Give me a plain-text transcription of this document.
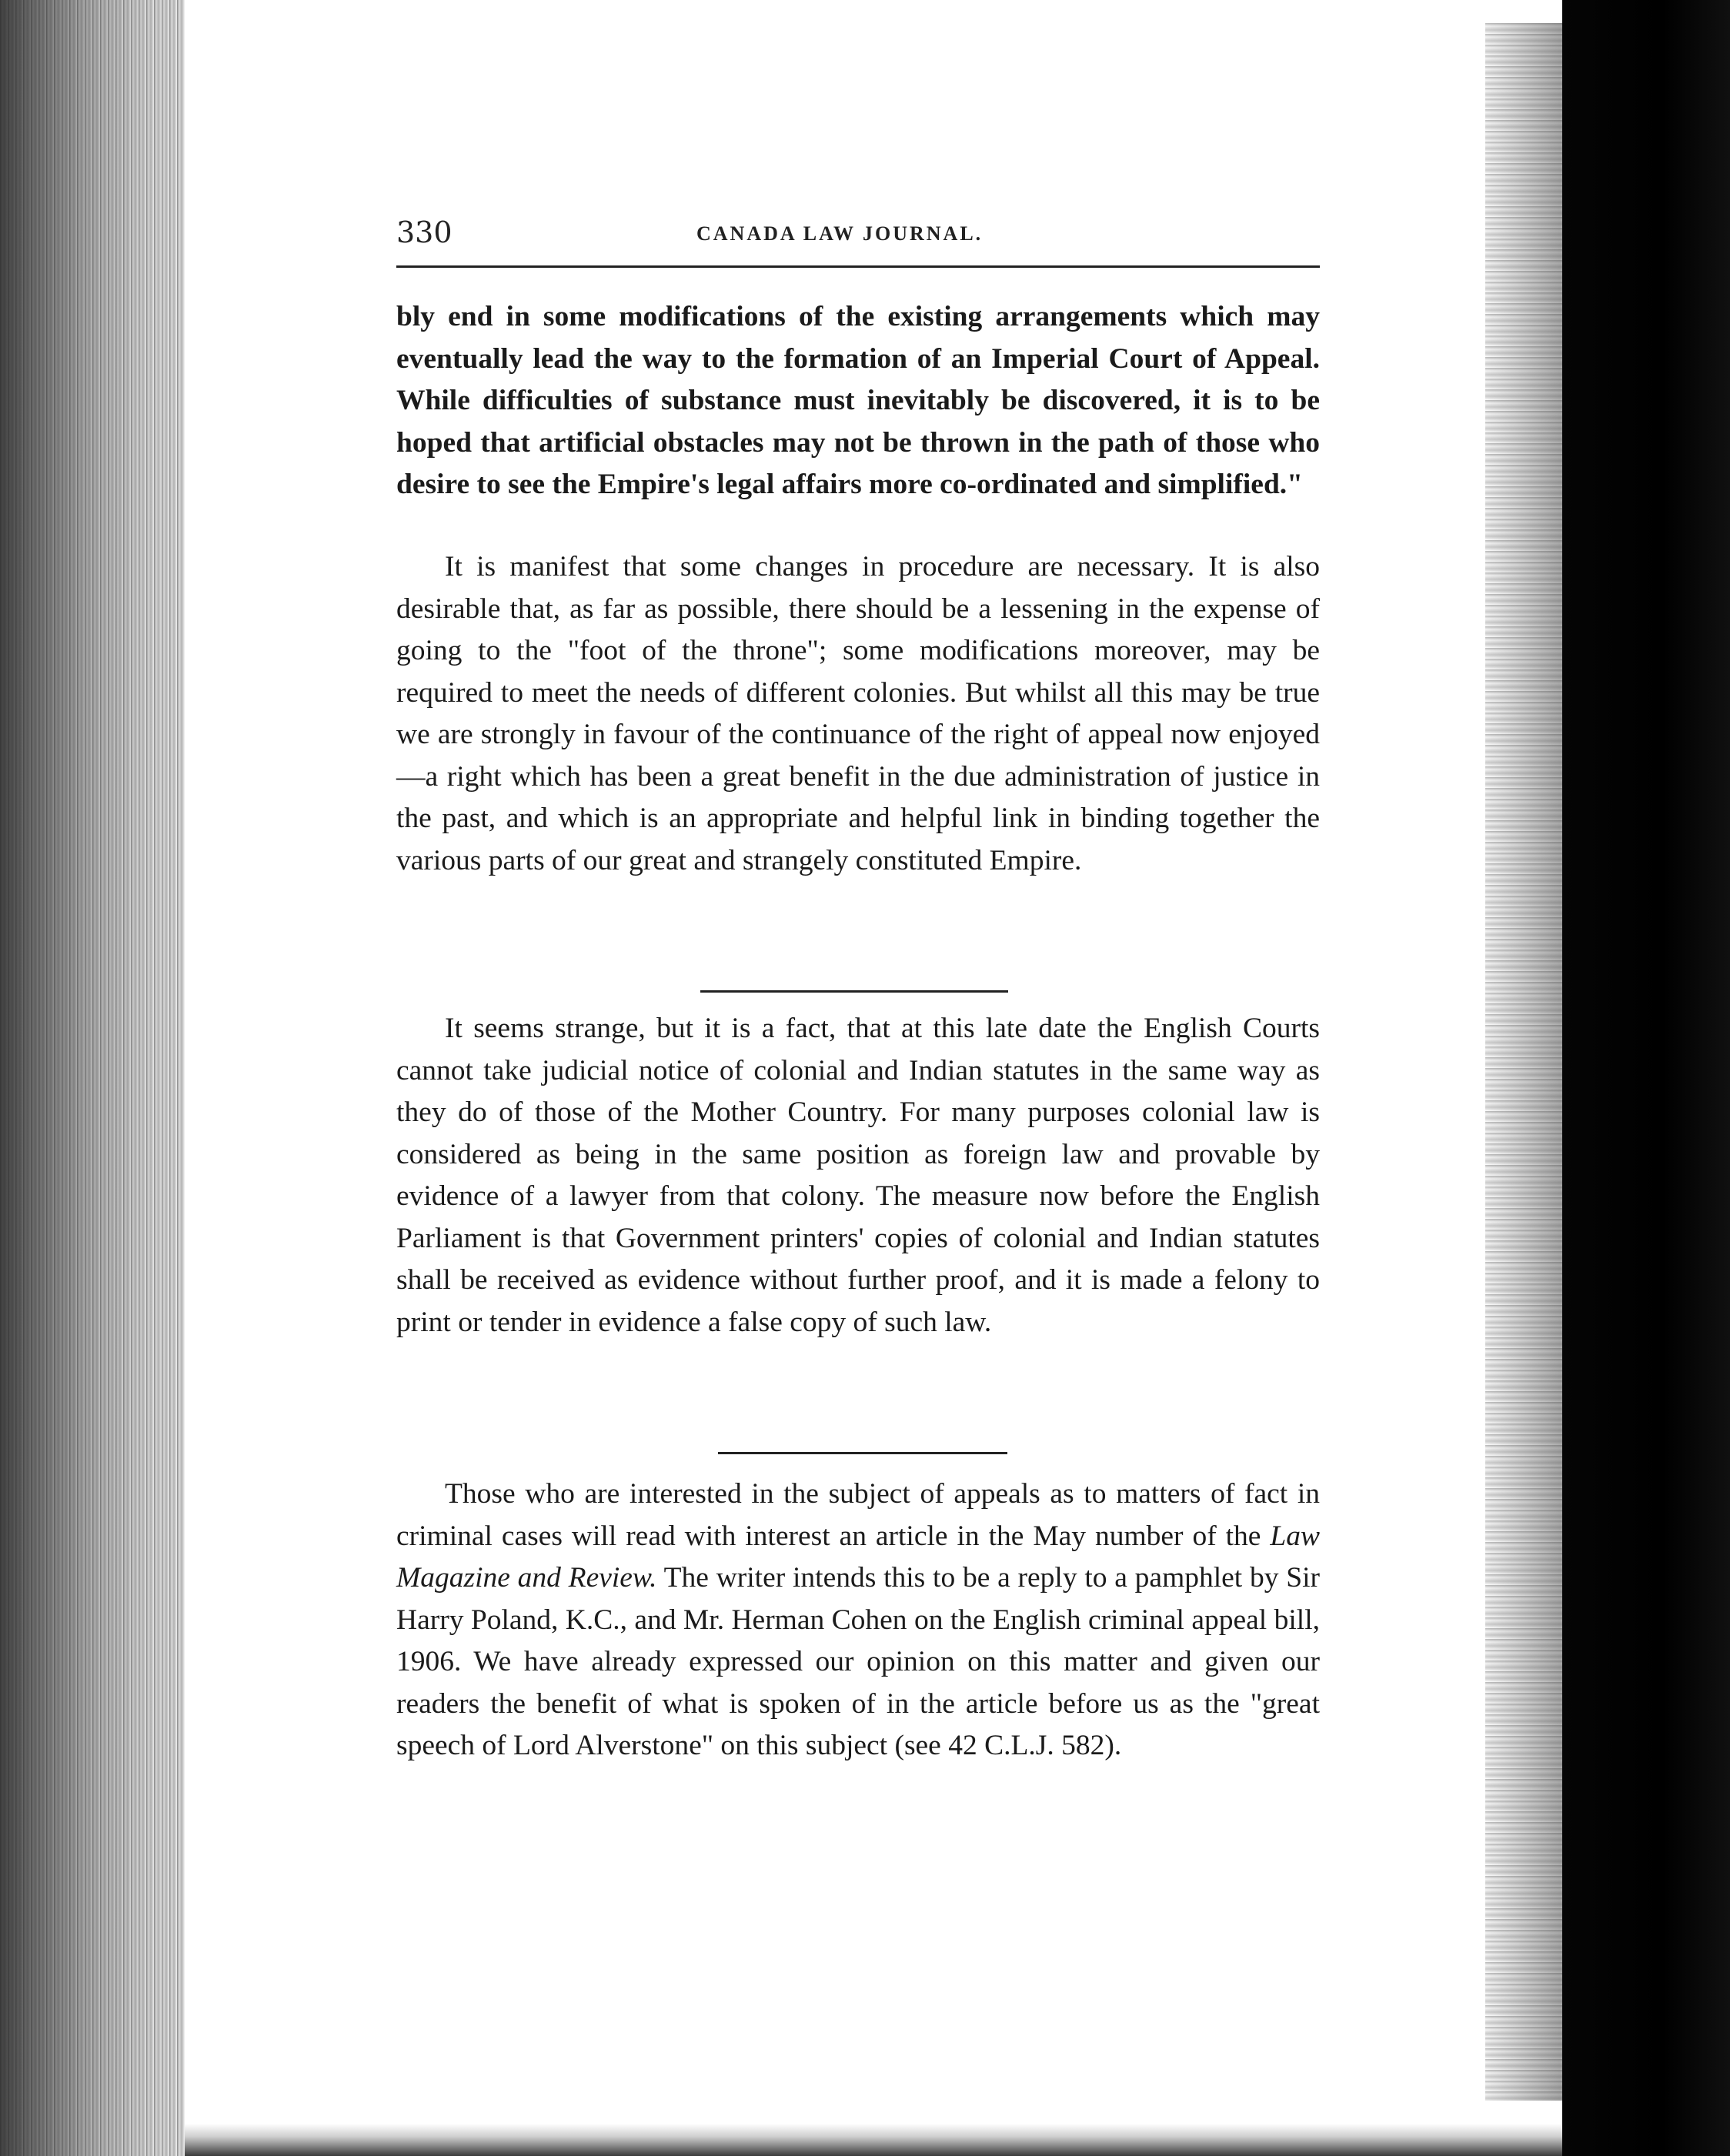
330	CANADA LAW JOURNAL.

bly end in some modifications of the existing arrangements which may eventually lead the way to the formation of an Imperial Court of Appeal. While difficulties of substance must inevitably be discovered, it is to be hoped that artificial obstacles may not be thrown in the path of those who desire to see the Empire's legal affairs more co-ordinated and simplified."

It is manifest that some changes in procedure are necessary. It is also desirable that, as far as possible, there should be a lessening in the expense of going to the "foot of the throne"; some modifications moreover, may be required to meet the needs of different colonies. But whilst all this may be true we are strongly in favour of the continuance of the right of appeal now enjoyed—a right which has been a great benefit in the due administration of justice in the past, and which is an appropriate and helpful link in binding together the various parts of our great and strangely constituted Empire.

It seems strange, but it is a fact, that at this late date the English Courts cannot take judicial notice of colonial and Indian statutes in the same way as they do of those of the Mother Country. For many purposes colonial law is considered as being in the same position as foreign law and provable by evidence of a lawyer from that colony. The measure now before the English Parliament is that Government printers' copies of colonial and Indian statutes shall be received as evidence without further proof, and it is made a felony to print or tender in evidence a false copy of such law.

Those who are interested in the subject of appeals as to matters of fact in criminal cases will read with interest an article in the May number of the Law Magazine and Review. The writer intends this to be a reply to a pamphlet by Sir Harry Poland, K.C., and Mr. Herman Cohen on the English criminal appeal bill, 1906. We have already expressed our opinion on this matter and given our readers the benefit of what is spoken of in the article before us as the "great speech of Lord Alverstone" on this subject (see 42 C.L.J. 582).
